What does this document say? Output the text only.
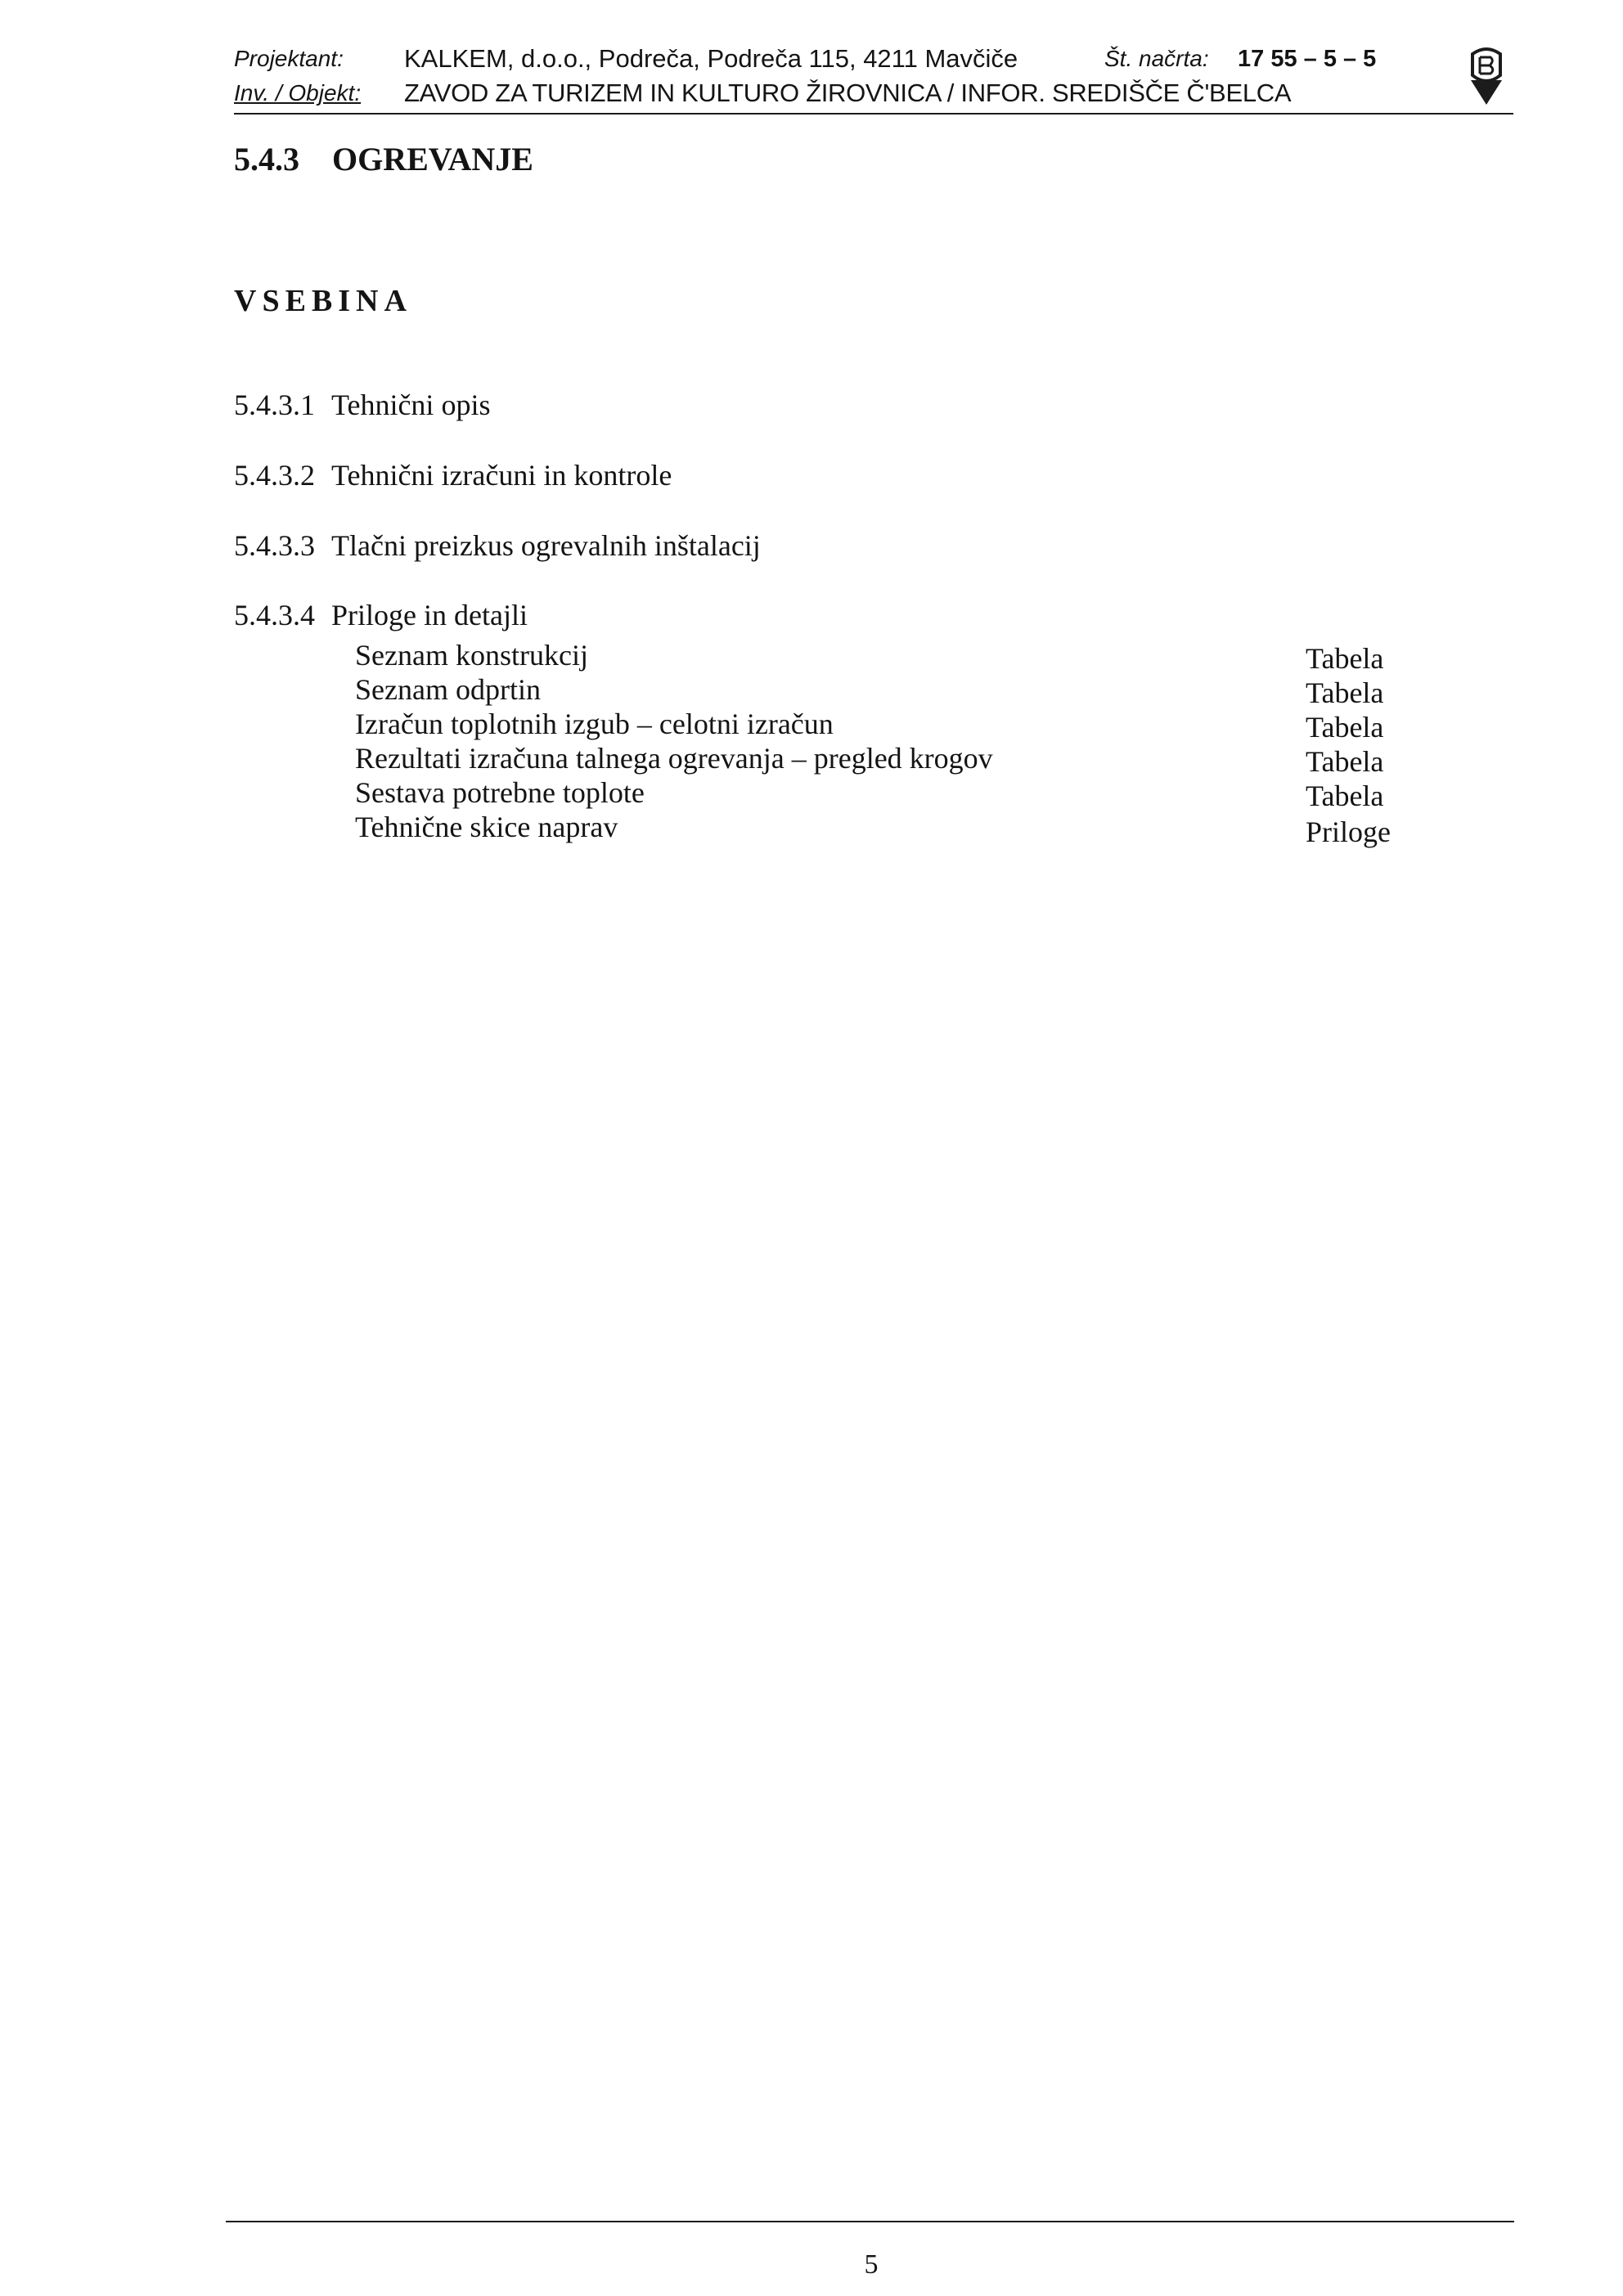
Projektant: KALKEM, d.o.o., Podreča, Podreča 115, 4211 Mavčiče	Št. načrta: 17 55 – 5 – 5
Inv. / Objekt: ZAVOD ZA TURIZEM IN KULTURO ŽIROVNICA / INFOR. SREDIŠČE Č'BELCA
5.4.3 OGREVANJE
VSEBINA
5.4.3.1 Tehnični opis
5.4.3.2 Tehnični izračuni in kontrole
5.4.3.3 Tlačni preizkus ogrevalnih inštalacij
5.4.3.4 Priloge in detajli
Seznam konstrukcij	Tabela
Seznam odprtin	Tabela
Izračun toplotnih izgub – celotni izračun	Tabela
Rezultati izračuna talnega ogrevanja – pregled krogov	Tabela
Sestava potrebne toplote	Tabela
Tehnične skice naprav	Priloge
5
